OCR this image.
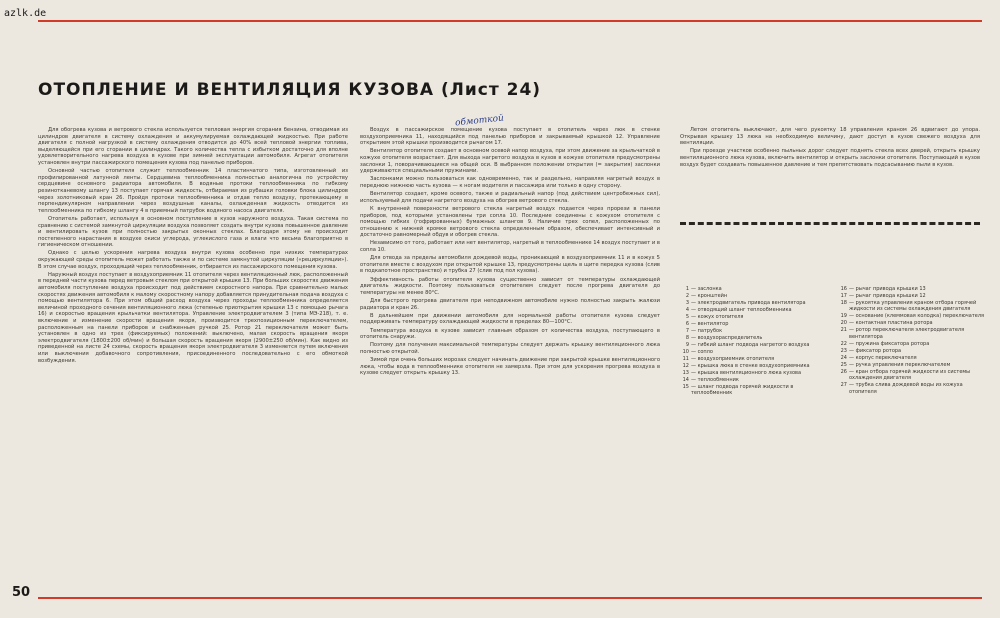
azlk.de
ОТОПЛЕНИЕ И ВЕНТИЛЯЦИЯ КУЗОВА (Лист 24)
обмоткой

Для обогрева кузова и ветрового стекла используется тепловая энергия сгорания бензина, отводимая из цилиндров двигателя в систему охлаждения и аккумулируемая охлаждающей жидкостью. При работе двигателя с полной нагрузкой в систему охлаждения отводится до 40% всей тепловой энергии топлива, выделяющейся при его сгорании в цилиндрах. Такого количества тепла с избытком достаточно для вполне удовлетворительного нагрева воздуха в кузове при зимней эксплуатации автомобиля. Агрегат отопителя установлен внутри пассажирского помещения кузова под панелью приборов.

Основной частью отопителя служит теплообменник 14 пластинчатого типа, изготовленный из профилированной латунной ленты. Сердцевина теплообменника полностью аналогична по устройству сердцевине основного радиатора автомобиля. В водяные протоки теплообменника по гибкому резинотканевому шлангу 13 поступает горячая жидкость, отбираемая из рубашки головки блока цилиндров через золотниковый кран 26. Пройдя протоки теплообменника и отдав тепло воздуху, протекающему в перпендикулярном направлении через воздушные каналы, охлажденная жидкость отводится из теплообменника по гибкому шлангу 4 в приемный патрубок водяного насоса двигателя.

Отопитель работает, используя в основном поступление в кузов наружного воздуха. Такая система по сравнению с системой замкнутой циркуляции воздуха позволяет создать внутри кузова повышенное давление и вентилировать кузов при полностью закрытых оконных стеклах. Благодаря этому не происходит постепенного нарастания в воздухе окиси углерода, углекислого газа и влаги что весьма благоприятно в гигиеническом отношении.

Однако с целью ускорения нагрева воздуха внутри кузова особенно при низких температурах окружающей среды отопитель может работать также и по системе замкнутой циркуляции («рециркуляции»). В этом случае воздух, проходящий через теплообменник, отбирается из пассажирского помещения кузова.

Наружный воздух поступает в воздухоприемник 11 отопителя через вентиляционный люк, расположенный в передней части кузова перед ветровым стеклом при открытой крышке 13. При больших скоростях движения автомобиля поступление воздуха происходит под действием скоростного напора. При сравнительно малых скоростях движения автомобиля к малому скоростному напору добавляется принудительная подача воздуха с помощью вентилятора 6. При этом общий расход воздуха через проходы теплообменника определяется величиной проходного сечения вентиляционного люка (степенью приоткрытия крышки 13 с помощью рычага 16) и скоростью вращения крыльчатки вентилятора. Управление электродвигателем 3 (типа МЭ-218), т. е. включение и изменение скорости вращения якоря, производится трехпозиционным переключателем, расположенным на панели приборов и снабженным ручкой 25. Ротор 21 переключателя может быть установлен в одно из трех (фиксируемых) положений: выключено, малая скорость вращения якоря электродвигателя (1800±200 об/мин) и большая скорость вращения якоря (2900±250 об/мин). Как видно из приведенной на листе 24 схемы, скорость вращения якоря электродвигателя 3 изменяется путем включения или выключения добавочного сопротивления, присоединенного последовательно с его обмоткой возбуждения.

Воздух в пассажирское помещение кузова поступает в отопитель через люк в стенке воздухоприемника 11, находящийся под панелью приборов и закрываемый крышкой 12. Управление открытием этой крышки производится рычагом 17.

Вентилятор отопителя создает в основном осевой напор воздуха, при этом движение за крыльчаткой в кожухе отопителя возрастает. Для выхода нагретого воздуха в кузов в кожухе отопителя предусмотрены заслонки 1, поворачивающиеся на общей оси. В выбранном положении открытия (= закрытия) заслонки удерживаются специальными пружинами.

Заслонками можно пользоваться как одновременно, так и раздельно, направляя нагретый воздух в переднюю нижнюю часть кузова — к ногам водителя и пассажира или только в одну сторону.

Вентилятор создает, кроме осевого, также и радиальный напор (под действием центробежных сил), используемый для подачи нагретого воздуха на обогрев ветрового стекла.

К внутренней поверхности ветрового стекла нагретый воздух подается через прорези в панели приборов, под которыми установлены три сопла 10. Последние соединены с кожухом отопителя с помощью гибких (гофрированных) бумажных шлангов 9. Наличие трех сопел, расположенных по отношению к нижней кромке ветрового стекла определенным образом, обеспечивает интенсивный и достаточно равномерный обдув и обогрев стекла.

Независимо от того, работает или нет вентилятор, нагретый в теплообменнике 14 воздух поступает и в сопла 10.

Для отвода за пределы автомобиля дождевой воды, проникающей в воздухоприемник 11 и в кожух 5 отопителя вместе с воздухом при открытой крышке 13, предусмотрены щель в щите передка кузова (слив в подкапотное пространство) и трубка 27 (слив под пол кузова).

Эффективность работы отопителя кузова существенно зависит от температуры охлаждающей двигатель жидкости. Поэтому пользоваться отопителем следует после прогрева двигателя до температуры не менее 80°C.

Для быстрого прогрева двигателя при неподвижном автомобиле нужно полностью закрыть жалюзи радиатора и кран 26.

В дальнейшем при движении автомобиля для нормальной работы отопителя кузова следует поддерживать температуру охлаждающей жидкости в пределах 80—100°C.

Температура воздуха в кузове зависит главным образом от количества воздуха, поступающего в отопитель снаружи.

Поэтому для получения максимальной температуры следует держать крышку вентиляционного люка полностью открытой.

Зимой при очень больших морозах следует начинать движение при закрытой крышке вентиляционного люка, чтобы вода в теплообменнике отопителя не замерзла. При этом для ускорения прогрева воздуха в кузове следует открыть крышку 13.

Летом отопитель выключают, для чего рукоятку 18 управления краном 26 вдвигают до упора. Открывая крышку 13 люка на необходимую величину, дают доступ в кузов свежего воздуха для вентиляции.

При проезде участков особенно пыльных дорог следует поднять стекла всех дверей, открыть крышку вентиляционного люка кузова, включить вентилятор и открыть заслонки отопителя. Поступающий в кузов воздух будет создавать повышенное давление и тем препятствовать подсасыванию пыли в кузов.

1 — заслонка
2 — кронштейн
3 — электродвигатель привода вентилятора
4 — отводящий шланг теплообменника
5 — кожух отопителя
6 — вентилятор
7 — патрубок
8 — воздухораспределитель
9 — гибкий шланг подвода нагретого воздуха
10 — сопло
11 — воздухоприемник отопителя
12 — крышка люка в стенке воздухоприемника
13 — крышка вентиляционного люка кузова
14 — теплообменник
15 — шланг подвода горячей жидкости в теплообменник
16 — рычаг привода крышки 13
17 — рычаг привода крышки 12
18 — рукоятка управления краном отбора горячей жидкости из системы охлаждения двигателя
19 — основание (клеммовая колодка) переключателя
20 — контактная пластина ротора
21 — ротор переключателя электродвигателя вентилятора
22 — пружина фиксатора ротора
23 — фиксатор ротора
24 — корпус переключателя
25 — ручка управления переключателем
26 — кран отбора горячей жидкости из системы охлаждения двигателя
27 — трубка слива дождевой воды из кожуха отопителя

50
